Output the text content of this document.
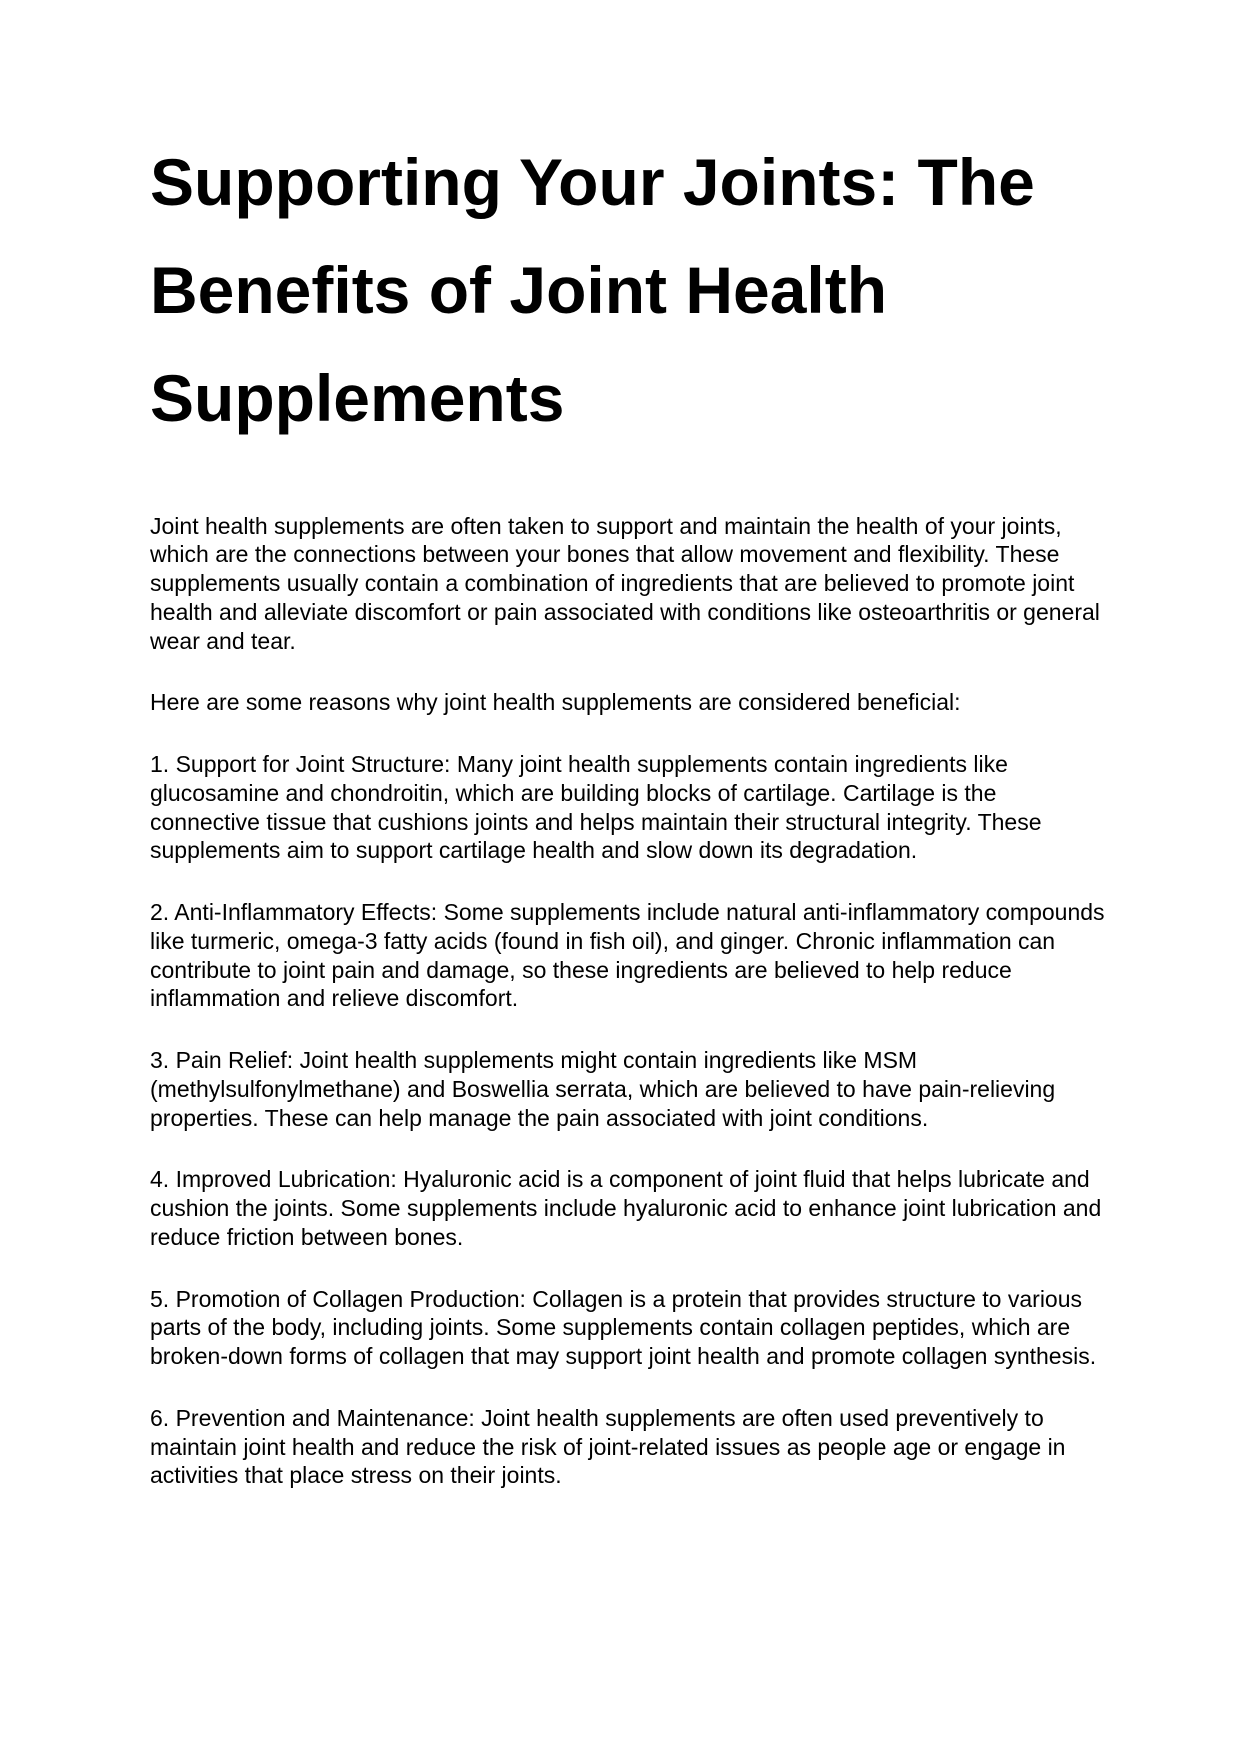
Supporting Your Joints: The Benefits of Joint Health Supplements

Joint health supplements are often taken to support and maintain the health of your joints, which are the connections between your bones that allow movement and flexibility. These supplements usually contain a combination of ingredients that are believed to promote joint health and alleviate discomfort or pain associated with conditions like osteoarthritis or general wear and tear.

Here are some reasons why joint health supplements are considered beneficial:

1. Support for Joint Structure: Many joint health supplements contain ingredients like glucosamine and chondroitin, which are building blocks of cartilage. Cartilage is the connective tissue that cushions joints and helps maintain their structural integrity. These supplements aim to support cartilage health and slow down its degradation.

2. Anti-Inflammatory Effects: Some supplements include natural anti-inflammatory compounds like turmeric, omega-3 fatty acids (found in fish oil), and ginger. Chronic inflammation can contribute to joint pain and damage, so these ingredients are believed to help reduce inflammation and relieve discomfort.

3. Pain Relief: Joint health supplements might contain ingredients like MSM (methylsulfonylmethane) and Boswellia serrata, which are believed to have pain-relieving properties. These can help manage the pain associated with joint conditions.

4. Improved Lubrication: Hyaluronic acid is a component of joint fluid that helps lubricate and cushion the joints. Some supplements include hyaluronic acid to enhance joint lubrication and reduce friction between bones.

5. Promotion of Collagen Production: Collagen is a protein that provides structure to various parts of the body, including joints. Some supplements contain collagen peptides, which are broken-down forms of collagen that may support joint health and promote collagen synthesis.

6. Prevention and Maintenance: Joint health supplements are often used preventively to maintain joint health and reduce the risk of joint-related issues as people age or engage in activities that place stress on their joints.
